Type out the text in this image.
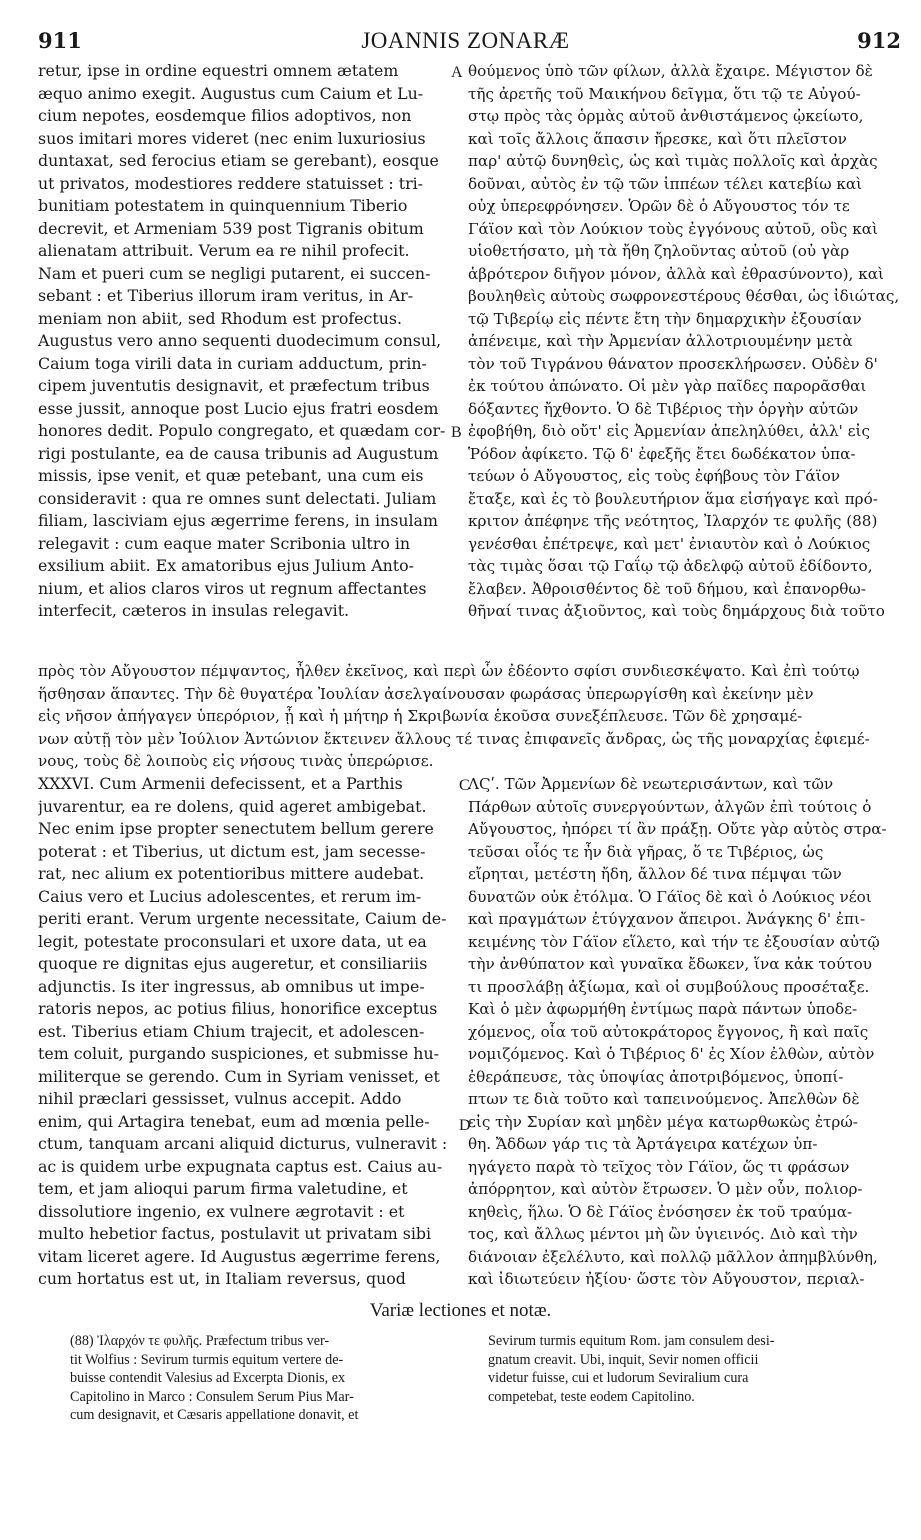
911	JOANNIS ZONARÆ	912
retur, ipse in ordine equestri omnem ætatem
æquo animo exegit. Augustus cum Caium et Lu-
cium nepotes, eosdemque filios adoptivos, non
suos imitari mores videret (nec enim luxuriosius
duntaxat, sed ferocius etiam se gerebant), eosque
ut privatos, modestiores reddere statuisset : tri-
bunitiam potestatem in quinquennium Tiberio
decrevit, et Armeniam 539 post Tigranis obitum
alienatam attribuit. Verum ea re nihil profecit.
Nam et pueri cum se negligi putarent, ei succen-
sebant : et Tiberius illorum iram veritus, in Ar-
meniam non abiit, sed Rhodum est profectus.
Augustus vero anno sequenti duodecimum consul,
Caium toga virili data in curiam adductum, prin-
cipem juventutis designavit, et præfectum tribus
esse jussit, annoque post Lucio ejus fratri eosdem
honores dedit. Populo congregato, et quædam cor-
rigi postulante, ea de causa tribunis ad Augustum
missis, ipse venit, et quæ petebant, una cum eis
consideravit : qua re omnes sunt delectati. Juliam
filiam, lasciviam ejus ægerrime ferens, in insulam
relegavit : cum eaque mater Scribonia ultro in
exsilium abiit. Ex amatoribus ejus Julium Anto-
nium, et alios claros viros ut regnum affectantes
interfecit, cæteros in insulas relegavit.
θούμενος ὑπὸ τῶν φίλων, ἀλλὰ ἔχαιρε. Μέγιστον δὲ
τῆς ἀρετῆς τοῦ Μαικήνου δεῖγμα, ὅτι τῷ τε Αὐγού-
στῳ πρὸς τὰς ὁρμὰς αὐτοῦ ἀνθιστάμενος ᾠκείωτο,
καὶ τοῖς ἄλλοις ἅπασιν ἤρεσκε, καὶ ὅτι πλεῖστον
παρ' αὐτῷ δυνηθεὶς, ὡς καὶ τιμὰς πολλοῖς καὶ ἀρχὰς
δοῦναι, αὐτὸς ἐν τῷ τῶν ἱππέων τέλει κατεβίω καὶ
οὐχ ὑπερεφρόνησεν. Ὁρῶν δὲ ὁ Αὔγουστος τόν τε
Γάϊον καὶ τὸν Λούκιον τοὺς ἐγγόνους αὐτοῦ, οὓς καὶ
υἱοθετήσατο, μὴ τὰ ἤθη ζηλοῦντας αὐτοῦ (οὐ γὰρ
ἁβρότερον διῆγον μόνον, ἀλλὰ καὶ ἐθρασύνοντο), καὶ
βουληθεὶς αὐτοὺς σωφρονεστέρους θέσθαι, ὡς ἰδιώτας,
τῷ Τιβερίῳ εἰς πέντε ἔτη τὴν δημαρχικὴν ἐξουσίαν
ἀπένειμε, καὶ τὴν Ἀρμενίαν ἀλλοτριουμένην μετὰ
τὸν τοῦ Τιγράνου θάνατον προσεκλήρωσεν. Οὐδὲν δ'
ἐκ τούτου ἀπώνατο. Οἱ μὲν γὰρ παῖδες παρορᾶσθαι
δόξαντες ἤχθοντο. Ὁ δὲ Τιβέριος τὴν ὀργὴν αὐτῶν
ἐφοβήθη, διὸ οὔτ' εἰς Ἀρμενίαν ἀπεληλύθει, ἀλλ' εἰς
Ῥόδον ἀφίκετο. Τῷ δ' ἐφεξῆς ἔτει δωδέκατον ὑπα-
τεύων ὁ Αὔγουστος, εἰς τοὺς ἐφήβους τὸν Γάϊον
ἔταξε, καὶ ἐς τὸ βουλευτήριον ἅμα εἰσήγαγε καὶ πρό-
κριτον ἀπέφηνε τῆς νεότητος, Ἰλαρχόν τε φυλῆς (88)
γενέσθαι ἐπέτρεψε, καὶ μετ' ἐνιαυτὸν καὶ ὁ Λούκιος
τὰς τιμὰς ὅσαι τῷ Γαΐῳ τῷ ἀδελφῷ αὐτοῦ ἐδίδοντο,
ἔλαβεν. Ἀθροισθέντος δὲ τοῦ δήμου, καὶ ἐπανορθω-
θῆναί τινας ἀξιοῦντος, καὶ τοὺς δημάρχους διὰ τοῦτο
A
B
πρὸς τὸν Αὔγουστον πέμψαντος, ἦλθεν ἐκεῖνος, καὶ περὶ ὧν ἐδέοντο σφίσι συνδιεσκέψατο. Καὶ ἐπὶ τούτῳ
ἥσθησαν ἅπαντες. Τὴν δὲ θυγατέρα Ἰουλίαν ἀσελγαίνουσαν φωράσας ὑπερωργίσθη καὶ ἐκείνην μὲν
εἰς νῆσον ἀπήγαγεν ὑπερόριον, ᾗ καὶ ἡ μήτηρ ἡ Σκριβωνία ἑκοῦσα συνεξέπλευσε. Τῶν δὲ χρησαμέ-
νων αὐτῇ τὸν μὲν Ἰούλιον Ἀντώνιον ἔκτεινεν ἄλλους τέ τινας ἐπιφανεῖς ἄνδρας, ὡς τῆς μοναρχίας ἐφιεμέ-
νους, τοὺς δὲ λοιποὺς εἰς νήσους τινὰς ὑπερώρισε.
XXXVI. Cum Armenii defecissent, et a Parthis
juvarentur, ea re dolens, quid ageret ambigebat.
Nec enim ipse propter senectutem bellum gerere
poterat : et Tiberius, ut dictum est, jam secesse-
rat, nec alium ex potentioribus mittere audebat.
Caius vero et Lucius adolescentes, et rerum im-
periti erant. Verum urgente necessitate, Caium de-
legit, potestate proconsulari et uxore data, ut ea
quoque re dignitas ejus augeretur, et consiliariis
adjunctis. Is iter ingressus, ab omnibus ut impe-
ratoris nepos, ac potius filius, honorifice exceptus
est. Tiberius etiam Chium trajecit, et adolescen-
tem coluit, purgando suspiciones, et submisse hu-
militerque se gerendo. Cum in Syriam venisset, et
nihil præclari gessisset, vulnus accepit. Addo
enim, qui Artagira tenebat, eum ad mœnia pelle-
ctum, tanquam arcani aliquid dicturus, vulneravit :
ac is quidem urbe expugnata captus est. Caius au-
tem, et jam alioqui parum firma valetudine, et
dissolutiore ingenio, ex vulnere ægrotavit : et
multo hebetior factus, postulavit ut privatam sibi
vitam liceret agere. Id Augustus ægerrime ferens,
cum hortatus est ut, in Italiam reversus, quod
ΛϚʹ. Τῶν Ἀρμενίων δὲ νεωτερισάντων, καὶ τῶν
Πάρθων αὐτοῖς συνεργούντων, ἀλγῶν ἐπὶ τούτοις ὁ
Αὔγουστος, ἠπόρει τί ἂν πράξῃ. Οὔτε γὰρ αὐτὸς στρα-
τεῦσαι οἷός τε ἦν διὰ γῆρας, ὅ τε Τιβέριος, ὡς
εἴρηται, μετέστη ἤδη, ἄλλον δέ τινα πέμψαι τῶν
δυνατῶν οὐκ ἐτόλμα. Ὁ Γάϊος δὲ καὶ ὁ Λούκιος νέοι
καὶ πραγμάτων ἐτύγχανον ἄπειροι. Ἀνάγκης δ' ἐπι-
κειμένης τὸν Γάϊον εἵλετο, καὶ τήν τε ἐξουσίαν αὐτῷ
τὴν ἀνθύπατον καὶ γυναῖκα ἔδωκεν, ἵνα κἀκ τούτου
τι προσλάβῃ ἀξίωμα, καὶ οἱ συμβούλους προσέταξε.
Καὶ ὁ μὲν ἀφωρμήθη ἐντίμως παρὰ πάντων ὑποδε-
χόμενος, οἷα τοῦ αὐτοκράτορος ἔγγονος, ἢ καὶ παῖς
νομιζόμενος. Καὶ ὁ Τιβέριος δ' ἐς Χίον ἐλθὼν, αὐτὸν
ἐθεράπευσε, τὰς ὑποψίας ἀποτριβόμενος, ὑποπί-
πτων τε διὰ τοῦτο καὶ ταπεινούμενος. Ἀπελθὼν δὲ
εἰς τὴν Συρίαν καὶ μηδὲν μέγα κατωρθωκὼς ἐτρώ-
θη. Ἄδδων γάρ τις τὰ Ἀρτάγειρα κατέχων ὑπ-
ηγάγετο παρὰ τὸ τεῖχος τὸν Γάϊον, ὥς τι φράσων
ἀπόρρητον, καὶ αὐτὸν ἔτρωσεν. Ὁ μὲν οὖν, πολιορ-
κηθεὶς, ἥλω. Ὁ δὲ Γάϊος ἐνόσησεν ἐκ τοῦ τραύμα-
τος, καὶ ἄλλως μέντοι μὴ ὢν ὑγιεινός. Διὸ καὶ τὴν
διάνοιαν ἐξελέλυτο, καὶ πολλῷ μᾶλλον ἀπημβλύνθη,
καὶ ἰδιωτεύειν ἠξίου· ὥστε τὸν Αὔγουστον, περιαλ-
C
D
Variæ lectiones et notæ.
(88) Ἰλαρχόν τε φυλῆς. Præfectum tribus ver-
tit Wolfius : Sevirum turmis equitum vertere de-
buisse contendit Valesius ad Excerpta Dionis, ex
Capitolino in Marco : Consulem Serum Pius Mar-
cum designavit, et Cæsaris appellatione donavit, et
Sevirum turmis equitum Rom. jam consulem desi-
gnatum creavit. Ubi, inquit, Sevir nomen officii
videtur fuisse, cui et ludorum Seviralium cura
competebat, teste eodem Capitolino.
